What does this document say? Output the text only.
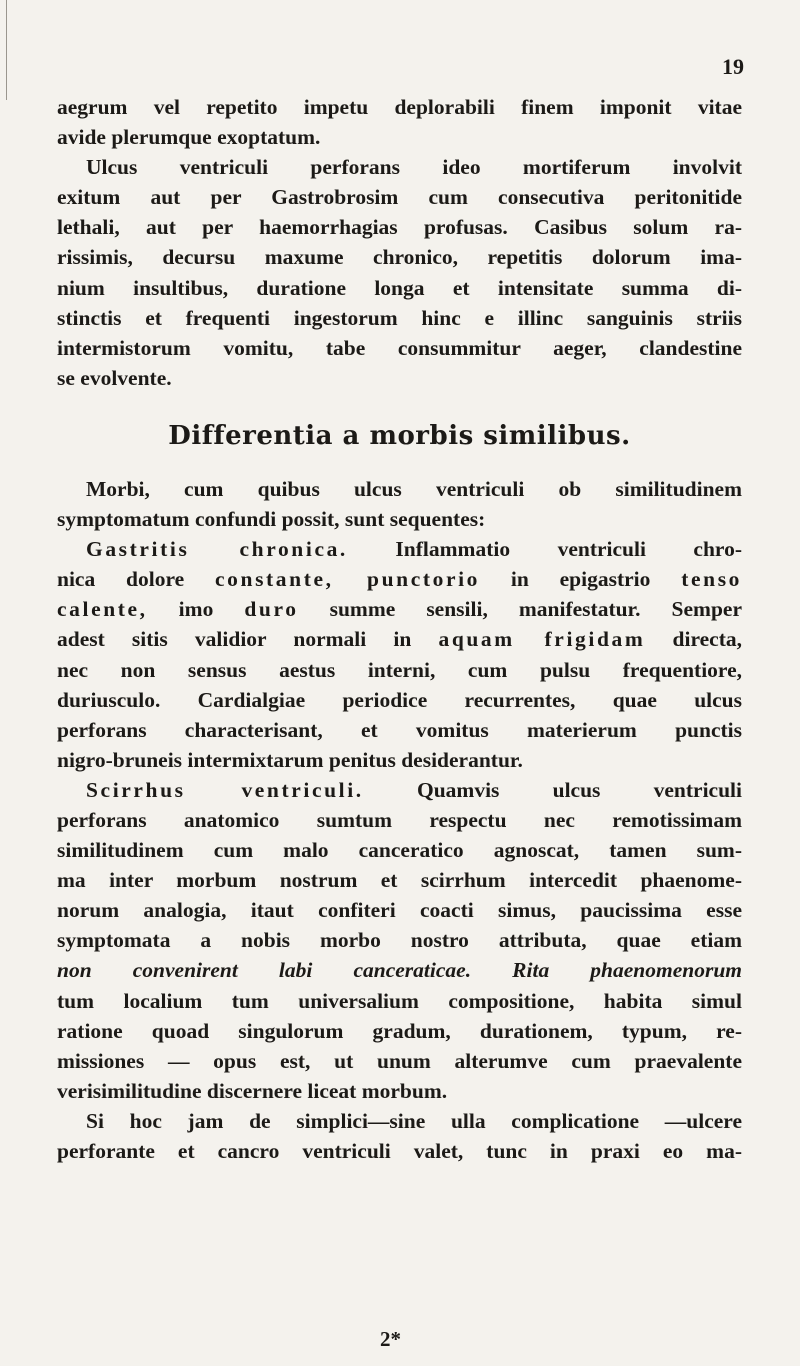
19

aegrum vel repetito impetu deplorabili finem imponit vitae
avide plerumque exoptatum.

Ulcus ventriculi perforans ideo mortiferum involvit
exitum aut per Gastrobrosim cum consecutiva peritonitide
lethali, aut per haemorrhagias profusas. Casibus solum ra-
rissimis, decursu maxume chronico, repetitis dolorum ima-
nium insultibus, duratione longa et intensitate summa di-
stinctis et frequenti ingestorum hinc e illinc sanguinis striis
intermistorum vomitu, tabe consummitur aeger, clandestine
se evolvente.

Differentia a morbis similibus.

Morbi, cum quibus ulcus ventriculi ob similitudinem
symptomatum confundi possit, sunt sequentes:

Gastritis chronica. Inflammatio ventriculi chro-
nica dolore constante, punctorio in epigastrio tenso
calente, imo duro summe sensili, manifestatur. Semper
adest sitis validior normali in aquam frigidam directa,
nec non sensus aestus interni, cum pulsu frequentiore,
duriusculo. Cardialgiae periodice recurrentes, quae ulcus
perforans characterisant, et vomitus materierum punctis
nigro-bruneis intermixtarum penitus desiderantur.

Scirrhus ventriculi. Quamvis ulcus ventriculi
perforans anatomico sumtum respectu nec remotissimam
similitudinem cum malo canceratico agnoscat, tamen sum-
ma inter morbum nostrum et scirrhum intercedit phaenome-
norum analogia, itaut confiteri coacti simus, paucissima esse
symptomata a nobis morbo nostro attributa, quae etiam
non convenirent labi canceraticae. Rita phaenomenorum
tum localium tum universalium compositione, habita simul
ratione quoad singulorum gradum, durationem, typum, re-
missiones — opus est, ut unum alterumve cum praevalente
verisimilitudine discernere liceat morbum.

Si hoc jam de simplici—sine ulla complicatione —ulcere
perforante et cancro ventriculi valet, tunc in praxi eo ma-

2*
